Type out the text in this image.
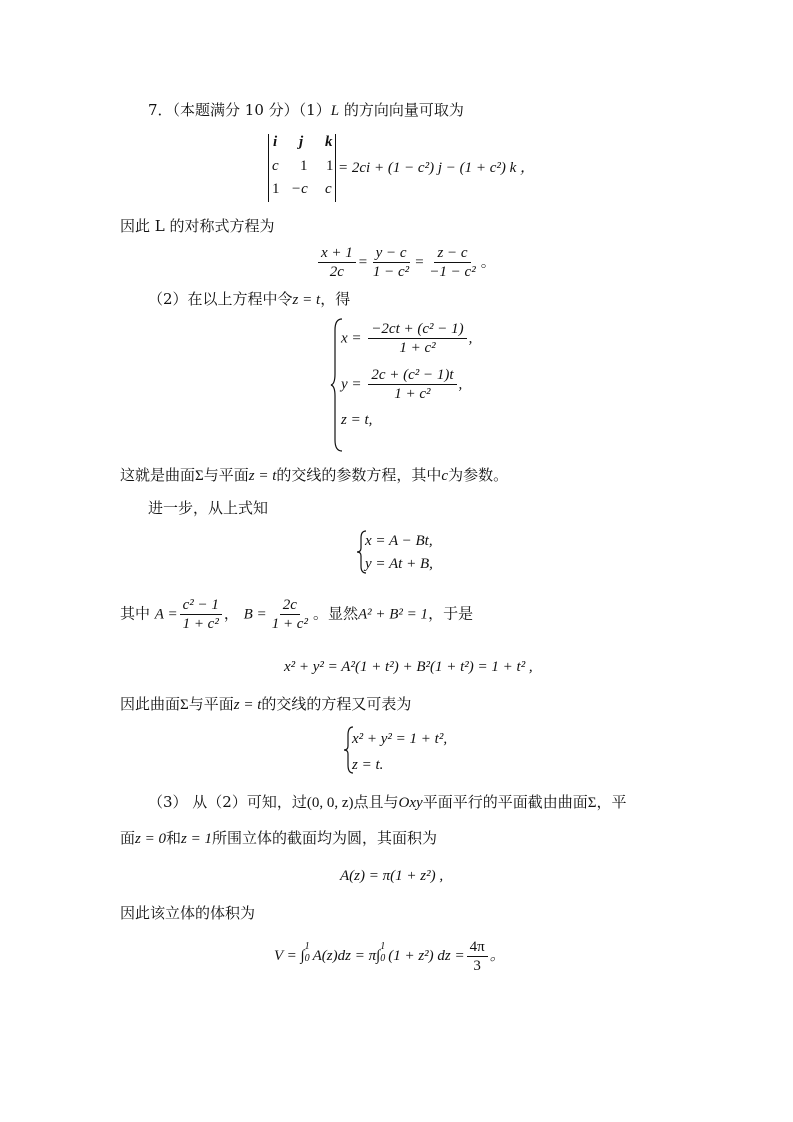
7．（本题满分 10 分）（1）L 的方向向量可取为
i j k
c 1 1
1 −c c
= 2ci + (1 − c²) j − (1 + c²) k ，
因此 L 的对称式方程为
$\frac{x + 1}{2c} = \frac{y - c}{\text{1 − c²}} = \frac{z - c}{\text{−1 − c²}}$ 。
（2）在以上方程中令z = t，得
$x = \frac{\text{−2ct + (c² − 1)}}{\text{1 + c²}}$ ,
$y = \frac{\text{2c + (c² − 1)t}}{\text{1 + c²}}$ ,
z = t,
这就是曲面Σ与平面z = t的交线的参数方程，其中c为参数。
进一步，从上式知
x = A − Bt,
y = At + B,
其中 $A = \frac{\text{c² − 1}}{\text{1 + c²}}$ ， $B = \frac{2c}{\text{1 + c²}}$ 。显然A² + B² = 1，于是
x² + y² = A²(1 + t²) + B²(1 + t²) = 1 + t² ,
因此曲面Σ与平面z = t的交线的方程又可表为
x² + y² = 1 + t²,
z = t.
（3） 从（2）可知，过(0, 0, z)点且与Oxy平面平行的平面截由曲面Σ，平
面z = 0和z = 1所围立体的截面均为圆，其面积为
A(z) = π(1 + z²) ,
因此该立体的体积为
V = ∫
1
0 A(z)dz = π∫
1
0 (1 + z²) dz = $\frac{4\pi}{3}$ 。
